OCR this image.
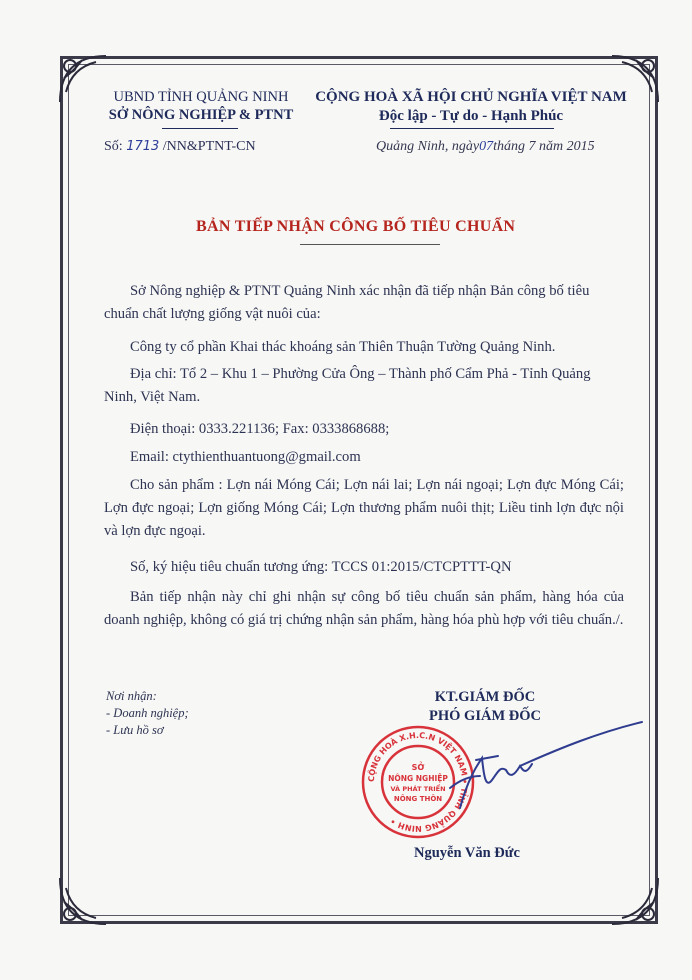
UBND TỈNH QUẢNG NINH
SỞ NÔNG NGHIỆP & PTNT
CỘNG HOÀ XÃ HỘI CHỦ NGHĨA VIỆT NAM
Độc lập - Tự do - Hạnh Phúc
Số: 1713 /NN&PTNT-CN	Quảng Ninh, ngày07tháng 7 năm 2015
BẢN TIẾP NHẬN CÔNG BỐ TIÊU CHUẨN
Sở Nông nghiệp & PTNT Quảng Ninh xác nhận đã tiếp nhận Bản công bố tiêu chuẩn chất lượng giống vật nuôi của:
Công ty cổ phần Khai thác khoáng sản Thiên Thuận Tường Quảng Ninh.
Địa chỉ: Tổ 2 – Khu 1 – Phường Cửa Ông – Thành phố Cẩm Phả - Tỉnh Quảng Ninh, Việt Nam.
Điện thoại: 0333.221136; Fax: 0333868688;
Email: ctythienthuantuong@gmail.com
Cho sản phẩm : Lợn nái Móng Cái; Lợn nái lai; Lợn nái ngoại; Lợn đực Móng Cái; Lợn đực ngoại; Lợn giống Móng Cái; Lợn thương phẩm nuôi thịt; Liều tinh lợn đực nội và lợn đực ngoại.
Số, ký hiệu tiêu chuẩn tương ứng: TCCS 01:2015/CTCPTTT-QN
Bản tiếp nhận này chỉ ghi nhận sự công bố tiêu chuẩn sản phẩm, hàng hóa của doanh nghiệp, không có giá trị chứng nhận sản phẩm, hàng hóa phù hợp với tiêu chuẩn./.
Nơi nhận:
- Doanh nghiệp;
- Lưu hồ sơ
KT.GIÁM ĐỐC
PHÓ GIÁM ĐỐC
CỘNG HOÀ X.H.C.N VIỆT NAM • TỈNH QUẢNG NINH •
SỞ
NÔNG NGHIỆP
VÀ PHÁT TRIỂN
NÔNG THÔN
Nguyễn Văn Đức
